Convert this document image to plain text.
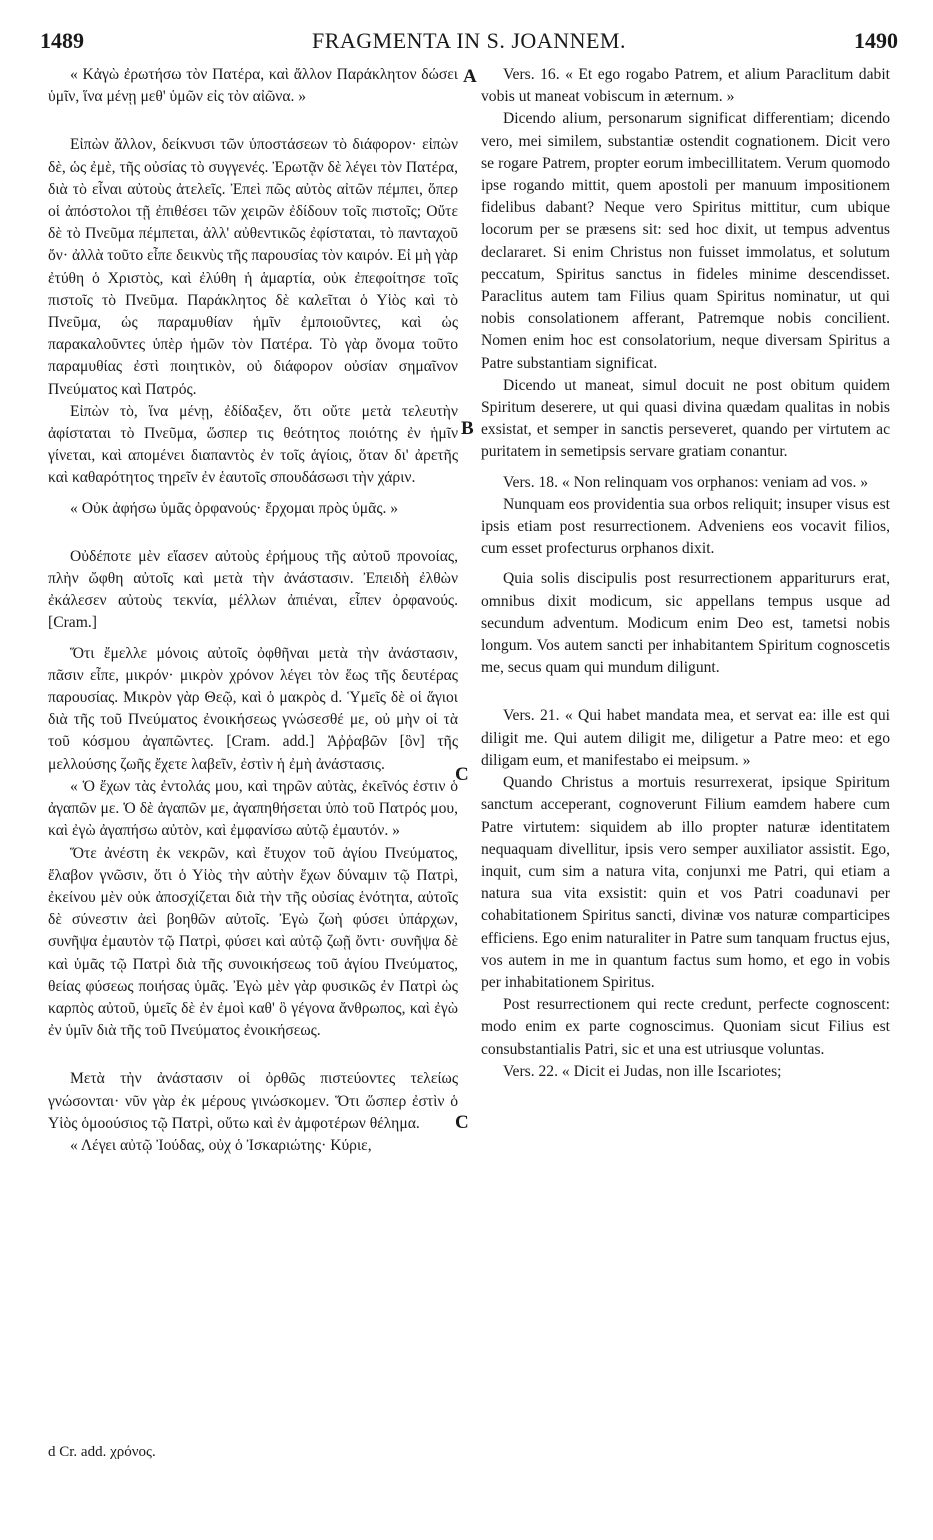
1489	FRAGMENTA IN S. JOANNEM.	1490
A
B
C
C

« Κἀγὼ ἐρωτήσω τὸν Πατέρα, καὶ ἄλλον Παράκλητον δώσει ὑμῖν, ἵνα μένῃ μεθ' ὑμῶν εἰς τὸν αἰῶνα. »

Εἰπὼν ἄλλον, δείκνυσι τῶν ὑποστάσεων τὸ διάφορον· εἰπὼν δὲ, ὡς ἐμὲ, τῆς οὐσίας τὸ συγγενές. Ἐρωτᾷν δὲ λέγει τὸν Πατέρα, διὰ τὸ εἶναι αὐτοὺς ἀτελεῖς. Ἐπεὶ πῶς αὐτὸς αἰτῶν πέμπει, ὅπερ οἱ ἀπόστολοι τῇ ἐπιθέσει τῶν χειρῶν ἐδίδουν τοῖς πιστοῖς; Οὔτε δὲ τὸ Πνεῦμα πέμπεται, ἀλλ' αὐθεντικῶς ἐφίσταται, τὸ πανταχοῦ ὄν· ἀλλὰ τοῦτο εἶπε δεικνὺς τῆς παρουσίας τὸν καιρόν. Εἰ μὴ γὰρ ἐτύθη ὁ Χριστὸς, καὶ ἐλύθη ἡ ἁμαρτία, οὐκ ἐπεφοίτησε τοῖς πιστοῖς τὸ Πνεῦμα. Παράκλητος δὲ καλεῖται ὁ Υἱὸς καὶ τὸ Πνεῦμα, ὡς παραμυθίαν ἡμῖν ἐμποιοῦντες, καὶ ὡς παρακαλοῦντες ὑπὲρ ἡμῶν τὸν Πατέρα. Τὸ γὰρ ὄνομα τοῦτο παραμυθίας ἐστὶ ποιητικὸν, οὐ διάφορον οὐσίαν σημαῖνον Πνεύματος καὶ Πατρός.

Εἰπὼν τὸ, ἵνα μένῃ, ἐδίδαξεν, ὅτι οὔτε μετὰ τελευτὴν ἀφίσταται τὸ Πνεῦμα, ὥσπερ τις θεότητος ποιότης ἐν ἡμῖν γίνεται, καὶ απομένει διαπαντὸς ἐν τοῖς ἁγίοις, ὅταν δι' ἀρετῆς καὶ καθαρότητος τηρεῖν ἐν ἑαυτοῖς σπουδάσωσι τὴν χάριν.

« Οὐκ ἀφήσω ὑμᾶς ὀρφανούς· ἔρχομαι πρὸς ὑμᾶς. »

Οὐδέποτε μὲν εἴασεν αὐτοὺς ἐρήμους τῆς αὐτοῦ προνοίας, πλὴν ὤφθη αὐτοῖς καὶ μετὰ τὴν ἀνάστασιν. Ἐπειδὴ ἐλθὼν ἐκάλεσεν αὐτοὺς τεκνία, μέλλων ἀπιέναι, εἶπεν ὀρφανούς. [Cram.]

Ὅτι ἔμελλε μόνοις αὐτοῖς ὀφθῆναι μετὰ τὴν ἀνάστασιν, πᾶσιν εἶπε, μικρόν· μικρὸν χρόνον λέγει τὸν ἕως τῆς δευτέρας παρουσίας. Μικρὸν γὰρ Θεῷ, καὶ ὁ μακρὸς d. Ὑμεῖς δὲ οἱ ἅγιοι διὰ τῆς τοῦ Πνεύματος ἐνοικήσεως γνώσεσθέ με, οὐ μὴν οἱ τὰ τοῦ κόσμου ἀγαπῶντες. [Cram. add.] Ἀῤῥαβῶν [ὃν] τῆς μελλούσης ζωῆς ἔχετε λαβεῖν, ἐστὶν ἡ ἐμὴ ἀνάστασις.

« Ὁ ἔχων τὰς ἐντολάς μου, καὶ τηρῶν αὐτὰς, ἐκεῖνός ἐστιν ὁ ἀγαπῶν με. Ὁ δὲ ἀγαπῶν με, ἀγαπηθήσεται ὑπὸ τοῦ Πατρός μου, καὶ ἐγὼ ἀγαπήσω αὐτὸν, καὶ ἐμφανίσω αὐτῷ ἐμαυτόν. »

Ὅτε ἀνέστη ἐκ νεκρῶν, καὶ ἔτυχον τοῦ ἁγίου Πνεύματος, ἔλαβον γνῶσιν, ὅτι ὁ Υἱὸς τὴν αὐτὴν ἔχων δύναμιν τῷ Πατρὶ, ἐκείνου μὲν οὐκ ἀποσχίζεται διὰ τὴν τῆς οὐσίας ἑνότητα, αὐτοῖς δὲ σύνεστιν ἀεὶ βοηθῶν αὐτοῖς. Ἐγὼ ζωὴ φύσει ὑπάρχων, συνῆψα ἐμαυτὸν τῷ Πατρὶ, φύσει καὶ αὐτῷ ζωῇ ὄντι· συνῆψα δὲ καὶ ὑμᾶς τῷ Πατρὶ διὰ τῆς συνοικήσεως τοῦ ἁγίου Πνεύματος, θείας φύσεως ποιήσας ὑμᾶς. Ἐγὼ μὲν γὰρ φυσικῶς ἐν Πατρὶ ὡς καρπὸς αὐτοῦ, ὑμεῖς δὲ ἐν ἐμοὶ καθ' ὃ γέγονα ἄνθρωπος, καὶ ἐγὼ ἐν ὑμῖν διὰ τῆς τοῦ Πνεύματος ἐνοικήσεως.

Μετὰ τὴν ἀνάστασιν οἱ ὀρθῶς πιστεύοντες τελείως γνώσονται· νῦν γὰρ ἐκ μέρους γινώσκομεν. Ὅτι ὥσπερ ἐστὶν ὁ Υἱὸς ὁμοούσιος τῷ Πατρὶ, οὕτω καὶ ἐν ἀμφοτέρων θέλημα.

« Λέγει αὐτῷ Ἰούδας, οὐχ ὁ Ἰσκαριώτης· Κύριε,

Vers. 16. « Et ego rogabo Patrem, et alium Paraclitum dabit vobis ut maneat vobiscum in æternum. »

Dicendo alium, personarum significat differentiam; dicendo vero, mei similem, substantiæ ostendit cognationem. Dicit vero se rogare Patrem, propter eorum imbecillitatem. Verum quomodo ipse rogando mittit, quem apostoli per manuum impositionem fidelibus dabant? Neque vero Spiritus mittitur, cum ubique locorum per se præsens sit: sed hoc dixit, ut tempus adventus declararet. Si enim Christus non fuisset immolatus, et solutum peccatum, Spiritus sanctus in fideles minime descendisset. Paraclitus autem tam Filius quam Spiritus nominatur, ut qui nobis consolationem afferant, Patremque nobis concilient. Nomen enim hoc est consolatorium, neque diversam Spiritus a Patre substantiam significat.

Dicendo ut maneat, simul docuit ne post obitum quidem Spiritum deserere, ut qui quasi divina quædam qualitas in nobis exsistat, et semper in sanctis perseveret, quando per virtutem ac puritatem in semetipsis servare gratiam conantur.

Vers. 18. « Non relinquam vos orphanos: veniam ad vos. »

Nunquam eos providentia sua orbos reliquit; insuper visus est ipsis etiam post resurrectionem. Adveniens eos vocavit filios, cum esset profecturus orphanos dixit.

Quia solis discipulis post resurrectionem apparitururs erat, omnibus dixit modicum, sic appellans tempus usque ad secundum adventum. Modicum enim Deo est, tametsi nobis longum. Vos autem sancti per inhabitantem Spiritum cognoscetis me, secus quam qui mundum diligunt.

Vers. 21. « Qui habet mandata mea, et servat ea: ille est qui diligit me. Qui autem diligit me, diligetur a Patre meo: et ego diligam eum, et manifestabo ei meipsum. »

Quando Christus a mortuis resurrexerat, ipsique Spiritum sanctum acceperant, cognoverunt Filium eamdem habere cum Patre virtutem: siquidem ab illo propter naturæ identitatem nequaquam divellitur, ipsis vero semper auxiliator assistit. Ego, inquit, cum sim a natura vita, conjunxi me Patri, qui etiam a natura sua vita exsistit: quin et vos Patri coadunavi per cohabitationem Spiritus sancti, divinæ vos naturæ comparticipes efficiens. Ego enim naturaliter in Patre sum tanquam fructus ejus, vos autem in me in quantum factus sum homo, et ego in vobis per inhabitationem Spiritus.

Post resurrectionem qui recte credunt, perfecte cognoscent: modo enim ex parte cognoscimus. Quoniam sicut Filius est consubstantialis Patri, sic et una est utriusque voluntas.

Vers. 22. « Dicit ei Judas, non ille Iscariotes;

d Cr. add. χρόνος.
